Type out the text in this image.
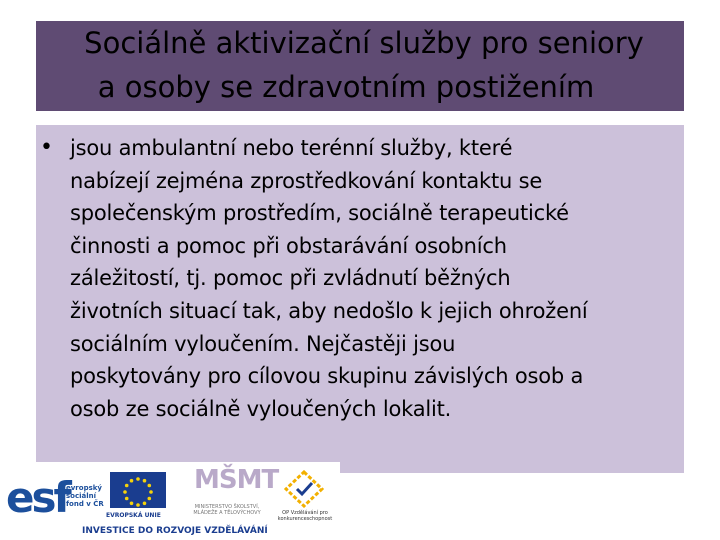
Sociálně aktivizační služby pro seniory
a osoby se zdravotním postižením
• jsou ambulantní nebo terénní služby, které
nabízejí zejména zprostředkování kontaktu se
společenským prostředím, sociálně terapeutické
činnosti a pomoc při obstarávání osobních
záležitostí, tj. pomoc při zvládnutí běžných
životních situací tak, aby nedošlo k jejich ohrožení
sociálním vyloučením. Nejčastěji jsou
poskytovány pro cílovou skupinu závislých osob a
osob ze sociálně vyloučených lokalit.
esf
evropský
sociální
fond v ČR
EVROPSKÁ UNIE
MŠMT
MINISTERSTVO ŠKOLSTVÍ, MLÁDEŽE A TĚLOVÝCHOVY	OP Vzdělávání pro konkurenceschopnost
INVESTICE DO ROZVOJE VZDĚLÁVÁNÍ
